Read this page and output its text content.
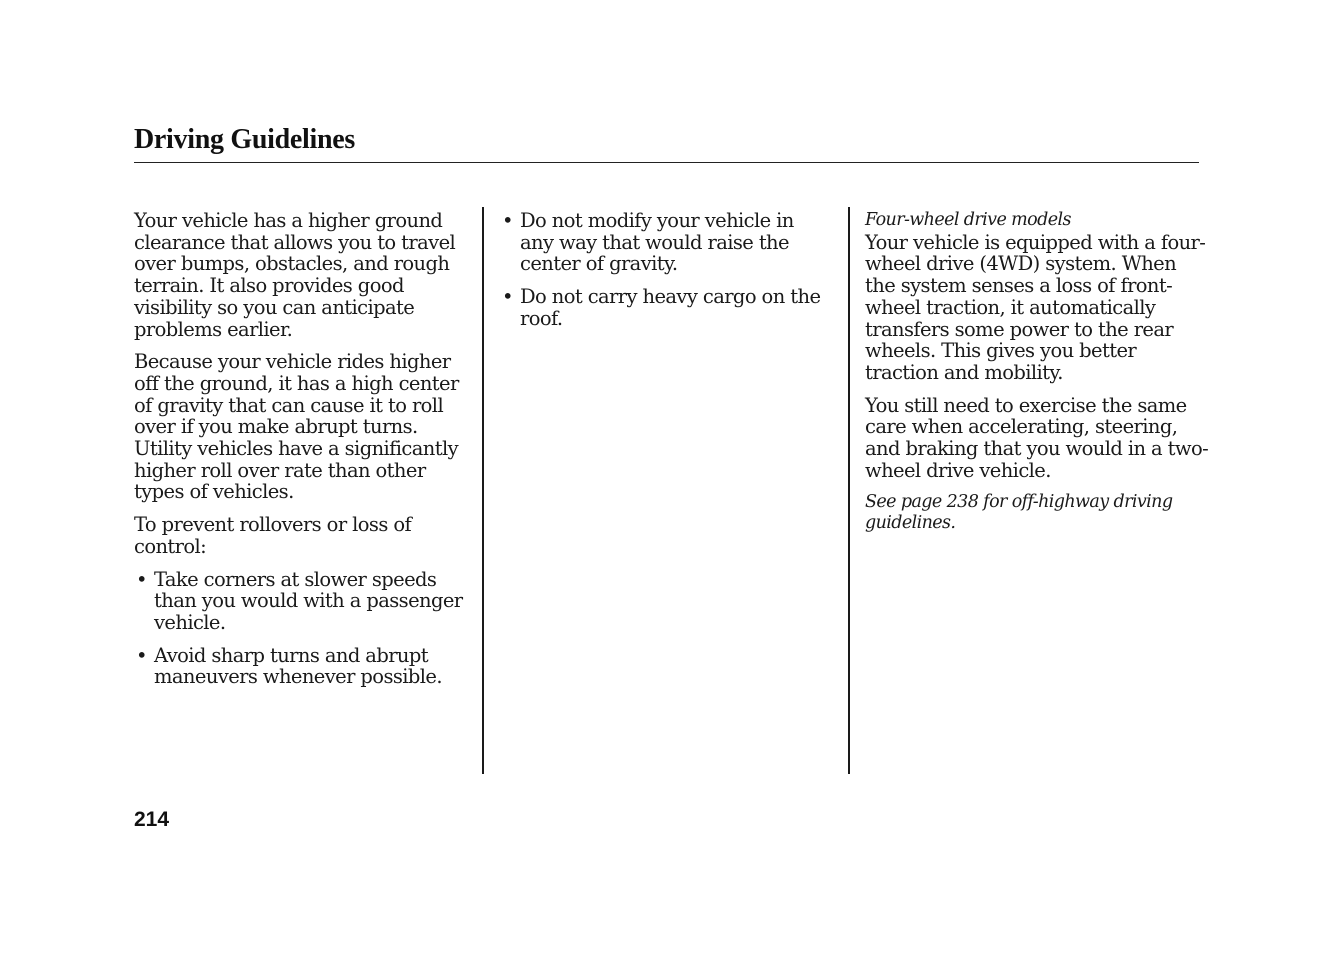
Driving Guidelines

Your vehicle has a higher ground clearance that allows you to travel over bumps, obstacles, and rough terrain. It also provides good visibility so you can anticipate problems earlier.

Because your vehicle rides higher off the ground, it has a high center of gravity that can cause it to roll over if you make abrupt turns. Utility vehicles have a significantly higher roll over rate than other types of vehicles.

To prevent rollovers or loss of control:

• Take corners at slower speeds than you would with a passenger vehicle.
• Avoid sharp turns and abrupt maneuvers whenever possible.
• Do not modify your vehicle in any way that would raise the center of gravity.
• Do not carry heavy cargo on the roof.

Four-wheel drive models

Your vehicle is equipped with a four-wheel drive (4WD) system. When the system senses a loss of front-wheel traction, it automatically transfers some power to the rear wheels. This gives you better traction and mobility.

You still need to exercise the same care when accelerating, steering, and braking that you would in a two-wheel drive vehicle.

See page 238 for off-highway driving guidelines.

214
